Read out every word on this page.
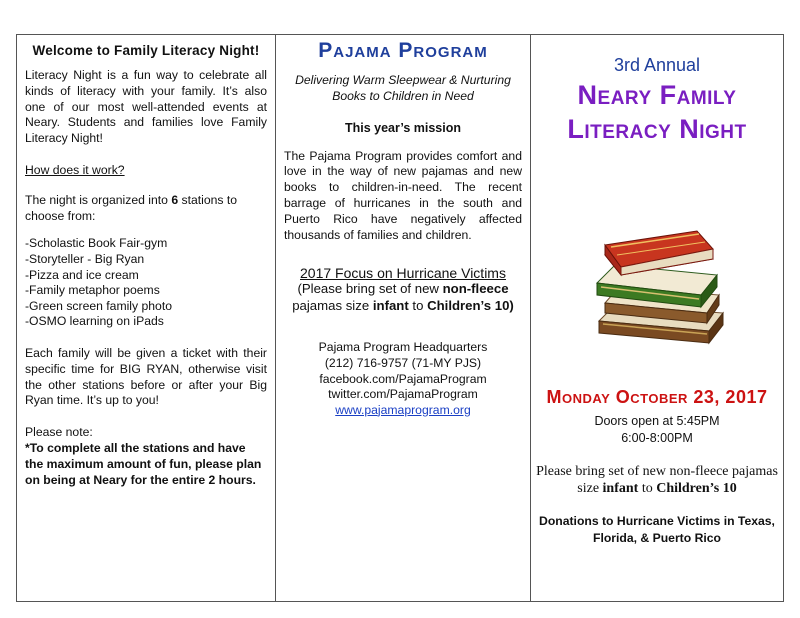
Welcome to Family Literacy Night!
Literacy Night is a fun way to celebrate all kinds of literacy with your family. It’s also one of our most well-attended events at Neary. Students and families love Family Literacy Night!
How does it work?
The night is organized into 6 stations to choose from:
-Scholastic Book Fair-gym
-Storyteller - Big Ryan
-Pizza and ice cream
-Family metaphor poems
-Green screen family photo
-OSMO learning on iPads
Each family will be given a ticket with their specific time for BIG RYAN, otherwise visit the other stations before or after your Big Ryan time. It’s up to you!
Please note:
*To complete all the stations and have the maximum amount of fun, please plan on being at Neary for the entire 2 hours.
Pajama Program
Delivering Warm Sleepwear & Nurturing Books to Children in Need
This year’s mission
The Pajama Program provides comfort and love in the way of new pajamas and new books to children-in-need. The recent barrage of hurricanes in the south and Puerto Rico have negatively affected thousands of families and children.
2017 Focus on Hurricane Victims
(Please bring set of new non-fleece
pajamas size infant to Children’s 10)
Pajama Program Headquarters
(212) 716-9757 (71-MY PJS)
facebook.com/PajamaProgram
twitter.com/PajamaProgram
www.pajamaprogram.org
3rd Annual
Neary Family
Literacy Night
Monday October 23, 2017
Doors open at 5:45PM
6:00-8:00PM
Please bring set of new non-fleece pajamas size infant to Children’s 10
Donations to Hurricane Victims in Texas, Florida, & Puerto Rico
